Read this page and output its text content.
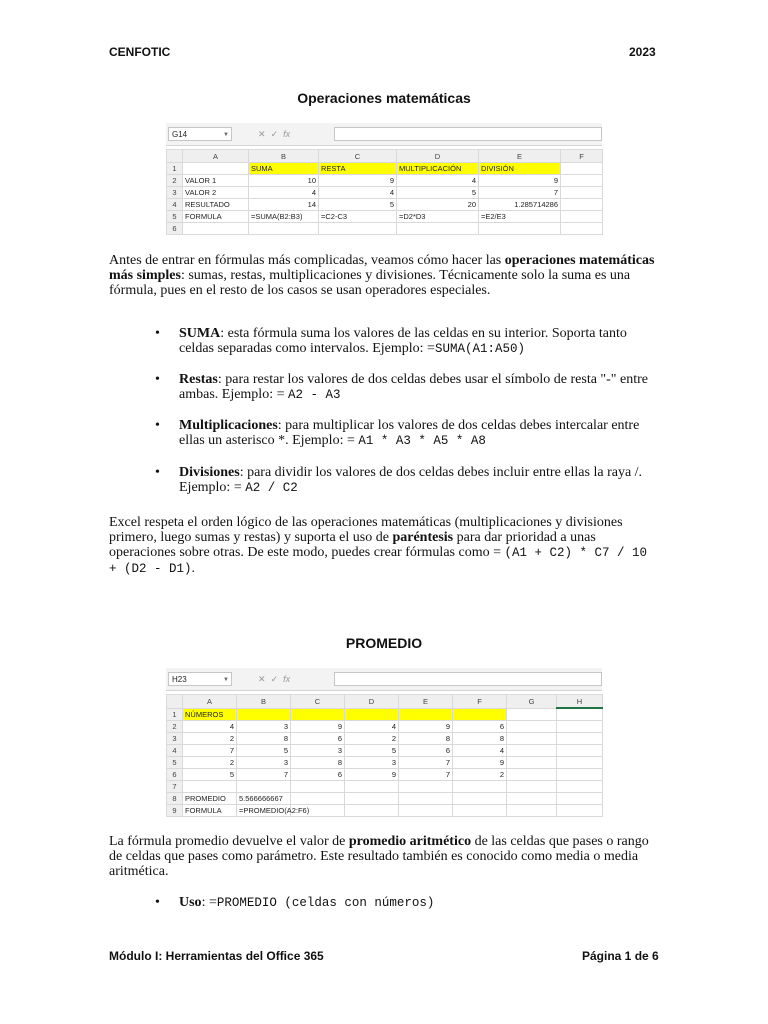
CENFOTIC	2023
Operaciones matemáticas
G14	▼	✕ ✓ fx
	A	B	C	D	E	F	
1		SUMA	RESTA	MULTIPLICACIÓN	DIVISIÓN		
2	VALOR 1	10	9	4	9		
3	VALOR 2	4	4	5	7		
4	RESULTADO	14	5	20	1.285714286		
5	FORMULA	=SUMA(B2:B3)	=C2-C3	=D2*D3	=E2/E3		
6							
Antes de entrar en fórmulas más complicadas, veamos cómo hacer las operaciones matemáticas más simples: sumas, restas, multiplicaciones y divisiones. Técnicamente solo la suma es una fórmula, pues en el resto de los casos se usan operadores especiales.
• SUMA: esta fórmula suma los valores de las celdas en su interior. Soporta tanto celdas separadas como intervalos. Ejemplo: =SUMA(A1:A50)
• Restas: para restar los valores de dos celdas debes usar el símbolo de resta "-" entre ambas. Ejemplo: = A2 - A3
• Multiplicaciones: para multiplicar los valores de dos celdas debes intercalar entre ellas un asterisco *. Ejemplo: = A1 * A3 * A5 * A8
• Divisiones: para dividir los valores de dos celdas debes incluir entre ellas la raya /. Ejemplo: = A2 / C2
Excel respeta el orden lógico de las operaciones matemáticas (multiplicaciones y divisiones primero, luego sumas y restas) y suporta el uso de paréntesis para dar prioridad a unas operaciones sobre otras. De este modo, puedes crear fórmulas como = (A1 + C2) * C7 / 10 + (D2 - D1).
PROMEDIO
H23	▼	✕ ✓ fx
	A	B	C	D	E	F	G	H	
1	NÚMEROS								
2	4	3	9	4	9	6			
3	2	8	6	2	8	8			
4	7	5	3	5	6	4			
5	2	3	8	3	7	9			
6	5	7	6	9	7	2			
7									
8	PROMEDIO	5.566666667							
9	FORMULA	=PROMEDIO(A2:F6)							
La fórmula promedio devuelve el valor de promedio aritmético de las celdas que pases o rango de celdas que pases como parámetro. Este resultado también es conocido como media o media aritmética.
• Uso: =PROMEDIO (celdas con números)
Módulo I: Herramientas del Office 365	Página 1 de 6
